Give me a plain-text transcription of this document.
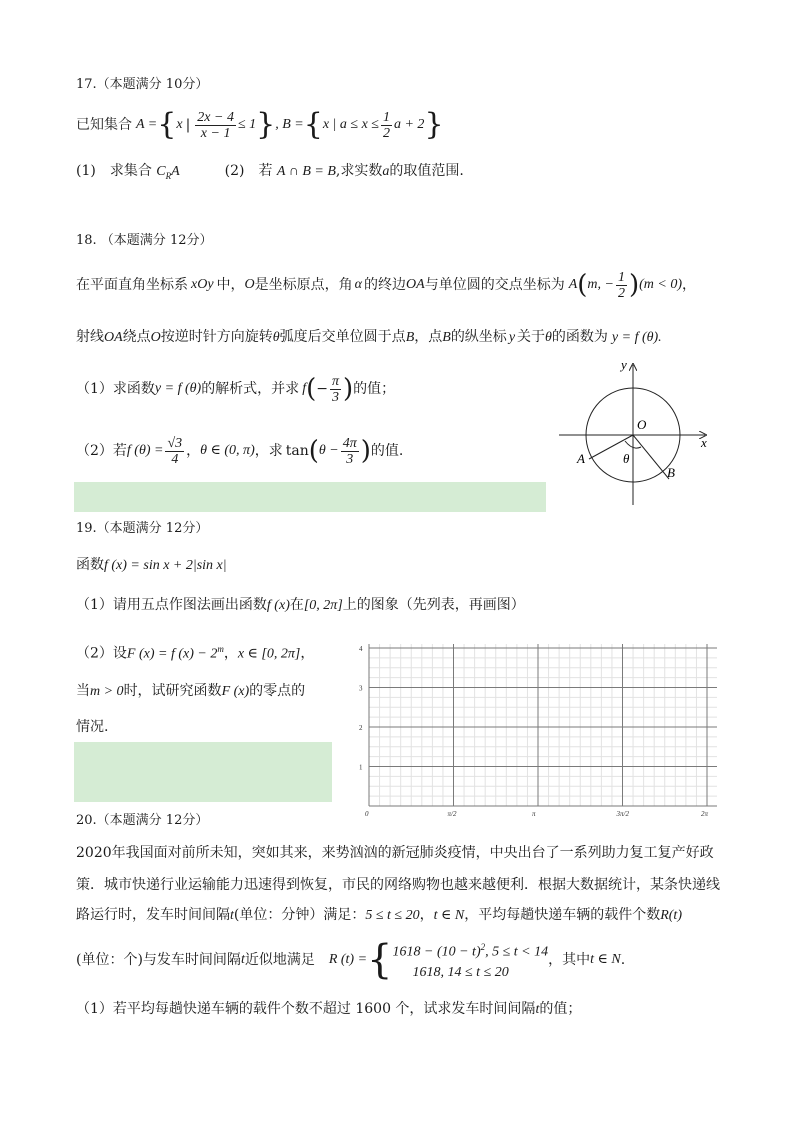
17.（本题满分 10分）
已知集合 A = { x | $\frac{2x - 4}{x - 1} \le 1$ } , B = { x | $a \le x \le \frac{1}{2}$ a + 2 }
(1)　求集合 $C_RA$	(2)　若 A ∩ B = B,求实数a的取值范围.
18. （本题满分 12分）
在平面直角坐标系 xOy 中， O 是坐标原点，角 α 的终边 OA 与单位圆的交点坐标为 A ( m, − $\frac{1}{2}$ ) (m < 0) ，
射线OA绕点O按逆时针方向旋转θ弧度后交单位圆于点B，点B的纵坐标 y 关于θ的函数为 y = f (θ).
（1）求函数 y = f (θ) 的解析式，并求 f ( − $\frac{\pi}{3}$ ) 的值；
（2）若 f $(\theta) = \frac{√3}{4}$ ， θ ∈ (0, π) ，求 tan ( $\theta - \frac{4\pi}{3}$ ) 的值.
y
x
O
A
B
θ
19.（本题满分 12分）
函数f (x) = sin x + 2|sin x|
（1）请用五点作图法画出函数f (x)在[0, 2π]上的图象（先列表，再画图）
（2）设F (x) = f $(x) - 2^m$，x ∈ [0, 2π]，
当m > 0时，试研究函数F (x)的零点的
情况.
1
2
3
4
0	π/2	π	3π/2	2π
20.（本题满分 12分）
2020年我国面对前所未知，突如其来，来势汹汹的新冠肺炎疫情，中央出台了一系列助力复工复产好政
策．城市快递行业运输能力迅速得到恢复，市民的网络购物也越来越便利．根据大数据统计，某条快递线
路运行时，发车时间间隔t(单位：分钟）满足：5 ≤ t ≤ 20，t ∈ N，平均每趟快递车辆的载件个数R(t)
(单位：个)与发车时间间隔 t 近似地满足 R (t) = { $1618 - (10 - t)^2$, 5 ≤ t < 14
1618, 14 ≤ t ≤ 20
，其中 t ∈ N .
（1）若平均每趟快递车辆的载件个数不超过 1600 个，试求发车时间间隔t的值；
